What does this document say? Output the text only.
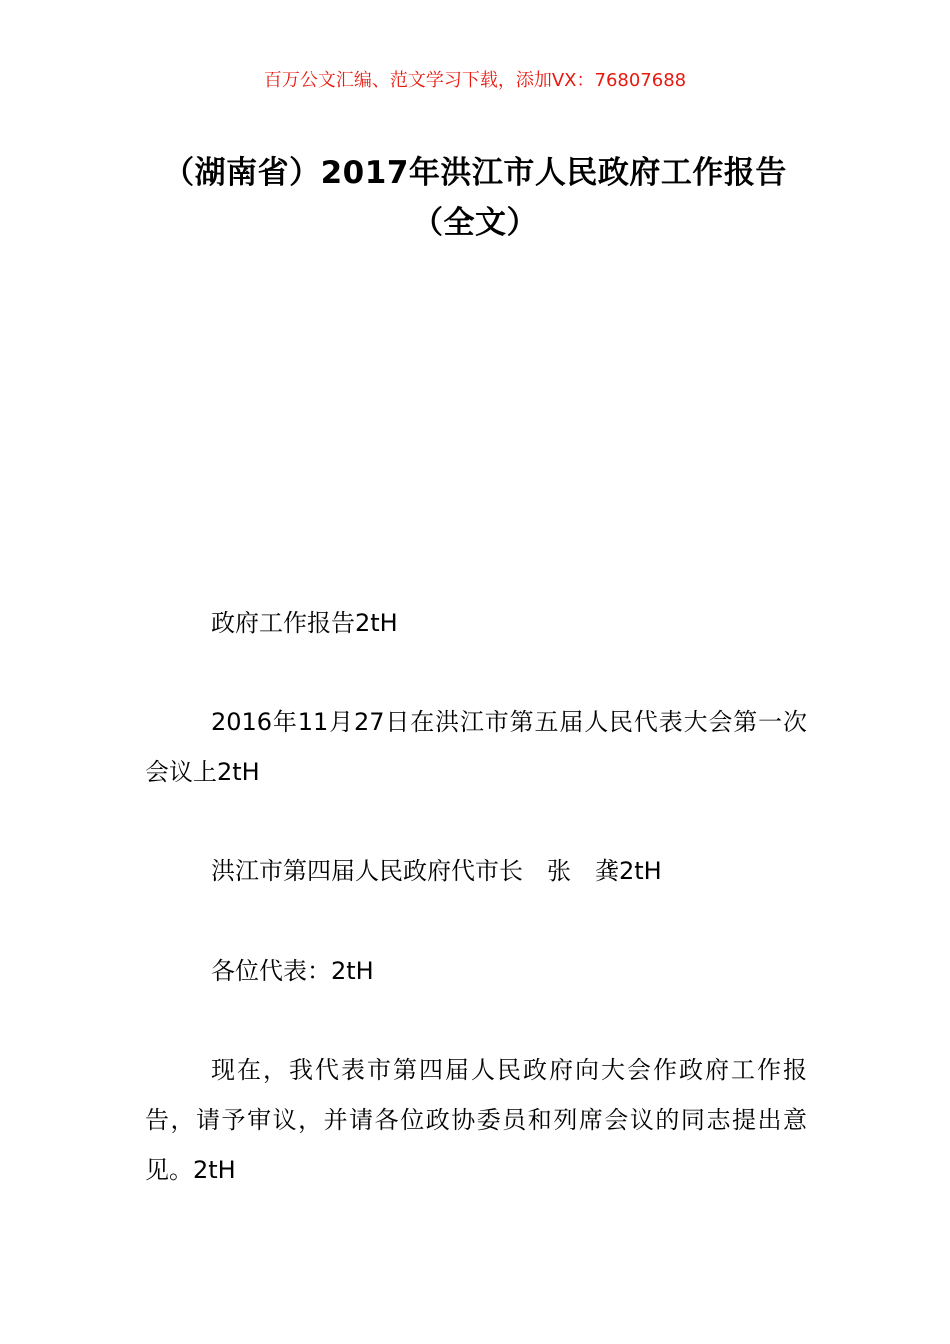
百万公文汇编、范文学习下载，添加VX：76807688
（湖南省）2017年洪江市人民政府工作报告（全文）

政府工作报告2tH

2016年11月27日在洪江市第五届人民代表大会第一次会议上2tH

洪江市第四届人民政府代市长　张　龚2tH

各位代表：2tH

现在，我代表市第四届人民政府向大会作政府工作报告，请予审议，并请各位政协委员和列席会议的同志提出意见。2tH
